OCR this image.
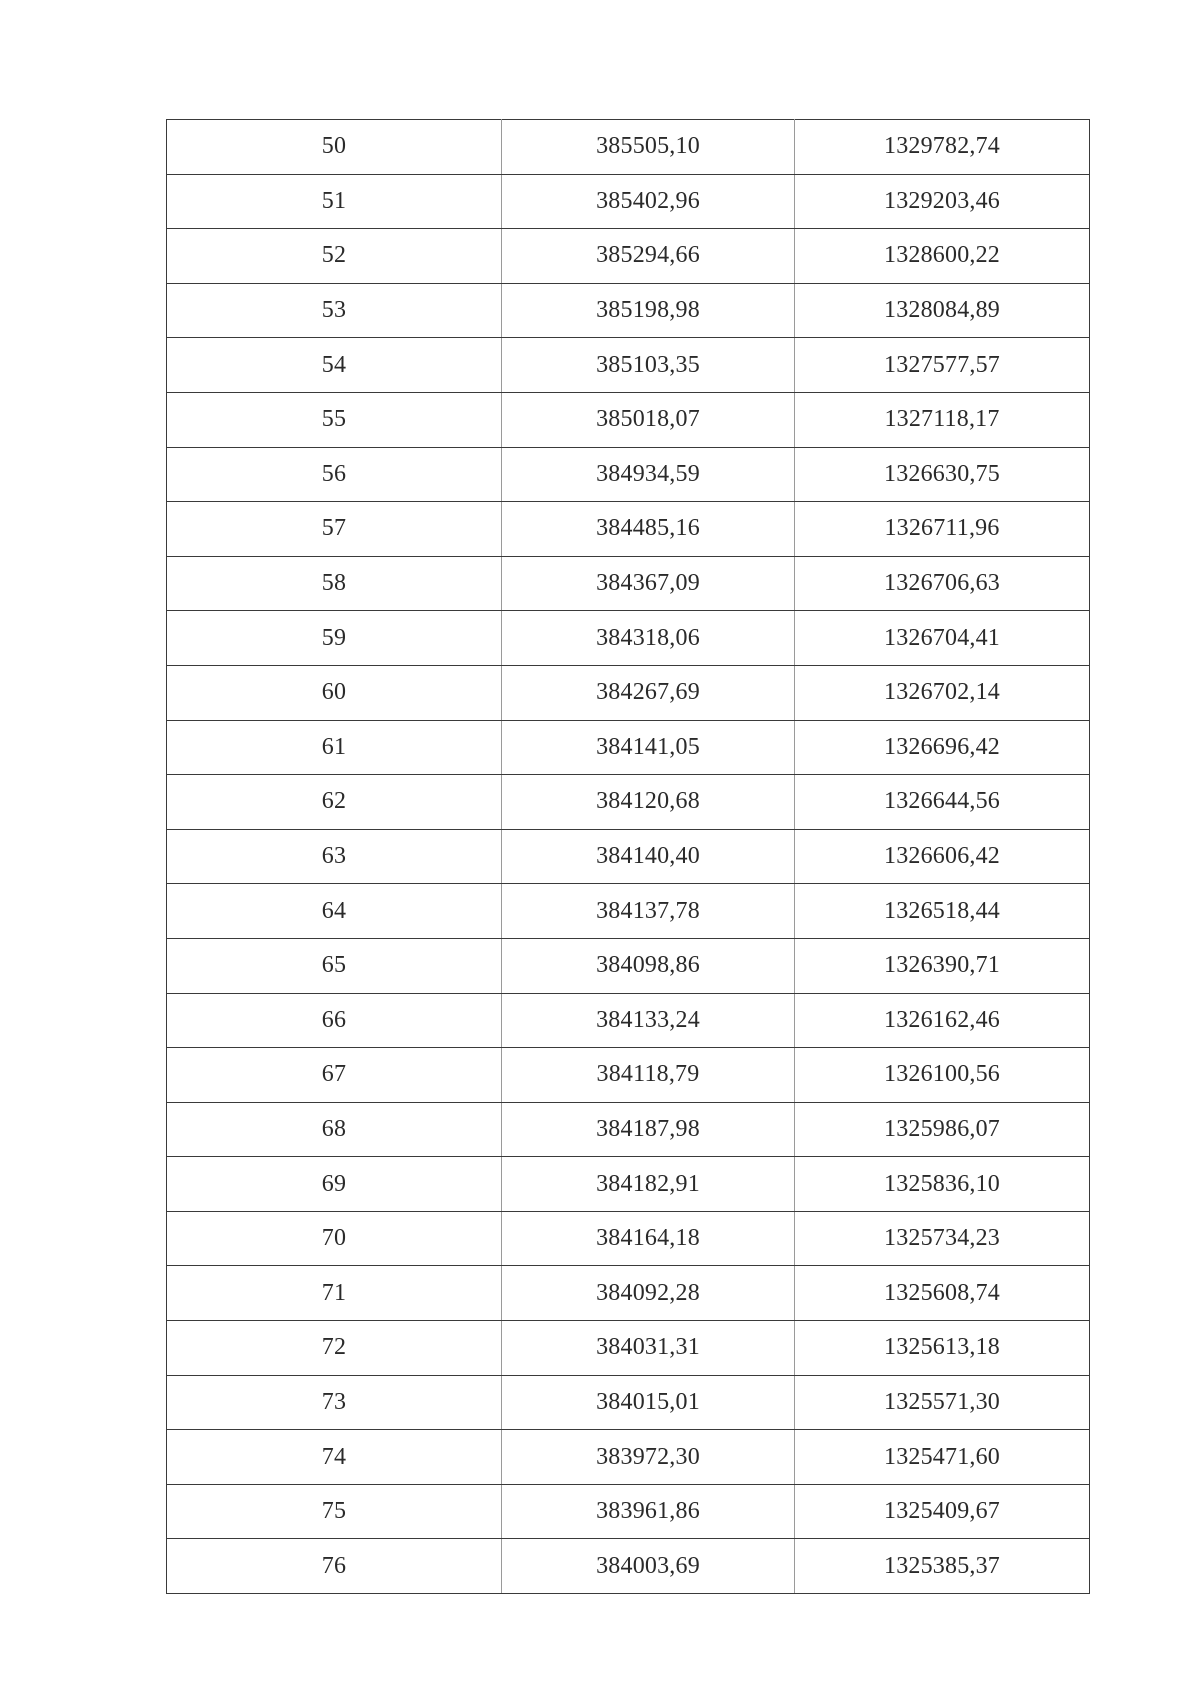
50	385505,10	1329782,74
51	385402,96	1329203,46
52	385294,66	1328600,22
53	385198,98	1328084,89
54	385103,35	1327577,57
55	385018,07	1327118,17
56	384934,59	1326630,75
57	384485,16	1326711,96
58	384367,09	1326706,63
59	384318,06	1326704,41
60	384267,69	1326702,14
61	384141,05	1326696,42
62	384120,68	1326644,56
63	384140,40	1326606,42
64	384137,78	1326518,44
65	384098,86	1326390,71
66	384133,24	1326162,46
67	384118,79	1326100,56
68	384187,98	1325986,07
69	384182,91	1325836,10
70	384164,18	1325734,23
71	384092,28	1325608,74
72	384031,31	1325613,18
73	384015,01	1325571,30
74	383972,30	1325471,60
75	383961,86	1325409,67
76	384003,69	1325385,37
